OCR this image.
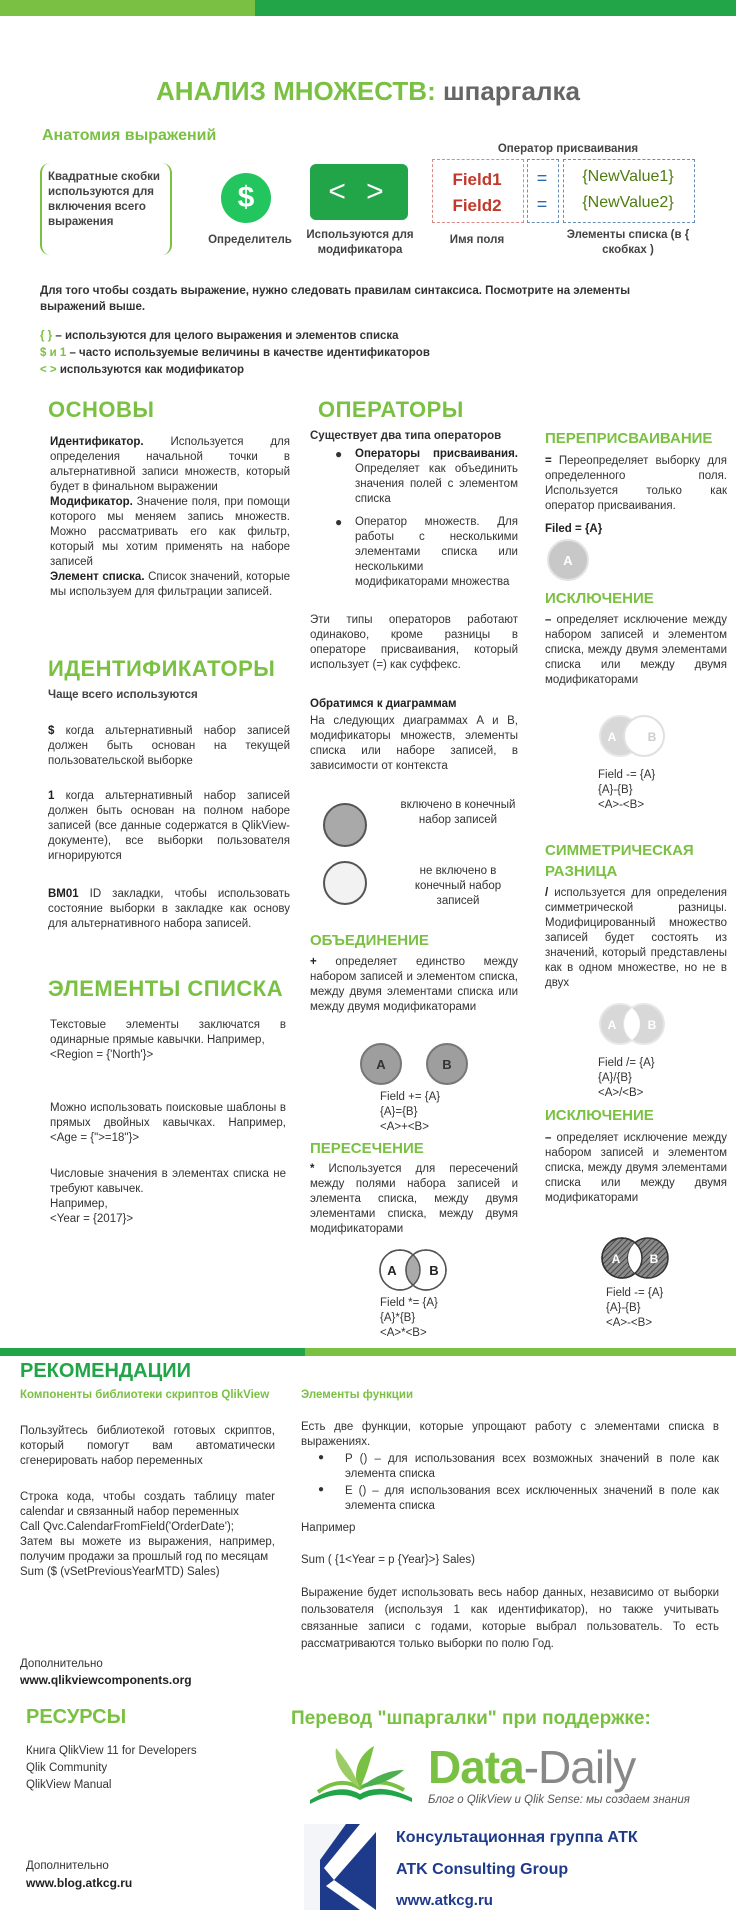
АНАЛИЗ МНОЖЕСТВ: шпаргалка
Анатомия выражений
Квадратные скобки используются для включения всего выражения
$
Определитель
< >
Используются для модификатора
Оператор присваивания
Field1
Field2
Имя поля
=
=
{NewValue1}
{NewValue2}
Элементы списка (в { скобках )
Для того чтобы создать выражение, нужно следовать правилам синтаксиса. Посмотрите на элементы выражений выше.
{ } – используются для целого выражения и элементов списка
$ и 1 – часто используемые величины в качестве идентификаторов
< > используются как модификатор
ОСНОВЫ
Идентификатор. Используется для определения начальной точки в альтернативной записи множеств, который будет в финальном выражении
Модификатор. Значение поля, при помощи которого мы меняем запись множеств. Можно рассматривать его как фильтр, который мы хотим применять на наборе записей
Элемент списка. Список значений, которые мы используем для фильтрации записей.
ИДЕНТИФИКАТОРЫ
Чаще всего используются
$ когда альтернативный набор записей должен быть основан на текущей пользовательской выборке
1 когда альтернативный набор записей должен быть основан на полном наборе записей (все данные содержатся в QlikView-документе), все выборки пользователя игнорируются
BM01 ID закладки, чтобы использовать состояние выборки в закладке как основу для альтернативного набора записей.
ЭЛЕМЕНТЫ СПИСКА
Текстовые элементы заключатся в одинарные прямые кавычки. Например,
<Region = {'North'}>
Можно использовать поисковые шаблоны в прямых двойных кавычках. Например, <Age = {">=18"}>
Числовые значения в элементах списка не требуют кавычек.
Например,
<Year = {2017}>
ОПЕРАТОРЫ
Существует два типа операторов
● Операторы присваивания. Определяет как объединить значения полей с элементом списка
● Оператор множеств. Для работы с несколькими элементами списка или несколькими модификаторами множества
Эти типы операторов работают одинаково, кроме разницы в операторе присваивания, который использует (=) как суффекс.
Обратимся к диаграммам
На следующих диаграммах A и B, модификаторы множеств, элементы списка или наборе записей, в зависимости от контекста
включено в конечный набор записей
не включено в конечный набор записей
ОБЪЕДИНЕНИЕ
+ определяет единство между набором записей и элементом списка, между двумя элементами списка или между двумя модификаторами
A	B
Field += {A}
{A}={B}
<A>+<B>
ПЕРЕСЕЧЕНИЕ
* Используется для пересечений между полями набора записей и элемента списка, между двумя элементами списка, между двумя модификаторами
A	B
Field *= {A}
{A}*{B}
<A>*<B>
ПЕРЕПРИСВАИВАНИЕ
= Переопределяет выборку для определенного поля. Используется только как оператор присваивания.
Filed = {A}
A
ИСКЛЮЧЕНИЕ
– определяет исключение между набором записей и элементом списка, между двумя элементами списка или между двумя модификаторами
A	B
Field -= {A}
{A}-{B}
<A>-<B>
СИММЕТРИЧЕСКАЯ
РАЗНИЦА
/ используется для определения симметрической разницы. Модифицированный множество записей будет состоять из значений, который представлены как в одном множестве, но не в двух
A	B
Field /= {A}
{A}/{B}
<A>/<B>
ИСКЛЮЧЕНИЕ
– определяет исключение между набором записей и элементом списка, между двумя элементами списка или между двумя модификаторами
A B
Field -= {A}
{A}-{B}
<A>-<B>
РЕКОМЕНДАЦИИ
Компоненты библиотеки скриптов QlikView
Пользуйтесь библиотекой готовых скриптов, который помогут вам автоматически сгенерировать набор переменных
Строка кода, чтобы создать таблицу mater calendar и связанный набор переменных
Call Qvc.CalendarFromField('OrderDate');
Затем вы можете из выражения, например, получим продажи за прошлый год по месяцам
Sum ($ (vSetPreviousYearMTD) Sales)
Дополнительно
www.qlikviewcomponents.org
Элементы функции
Есть две функции, которые упрощают работу с элементами списка в выражениях.
● P () – для использования всех возможных значений в поле как элемента списка
● E () – для использования всех исключенных значений в поле как элемента списка
Например
Sum ( {1<Year = p {Year}>} Sales)
Выражение будет использовать весь набор данных, независимо от выборки пользователя (используя 1 как идентификатор), но также учитывать связанные записи с годами, которые выбрал пользователь. То есть рассматриваются только выборки по полю Год.
РЕСУРСЫ
Книга QlikView 11 for Developers
Qlik Community
QlikView Manual
Дополнительно
www.blog.atkcg.ru
Перевод "шпаргалки" при поддержке:
Data-Daily
Блог о QlikView и Qlik Sense: мы создаем знания
Консультационная группа АТК
ATK Consulting Group
www.atkcg.ru
